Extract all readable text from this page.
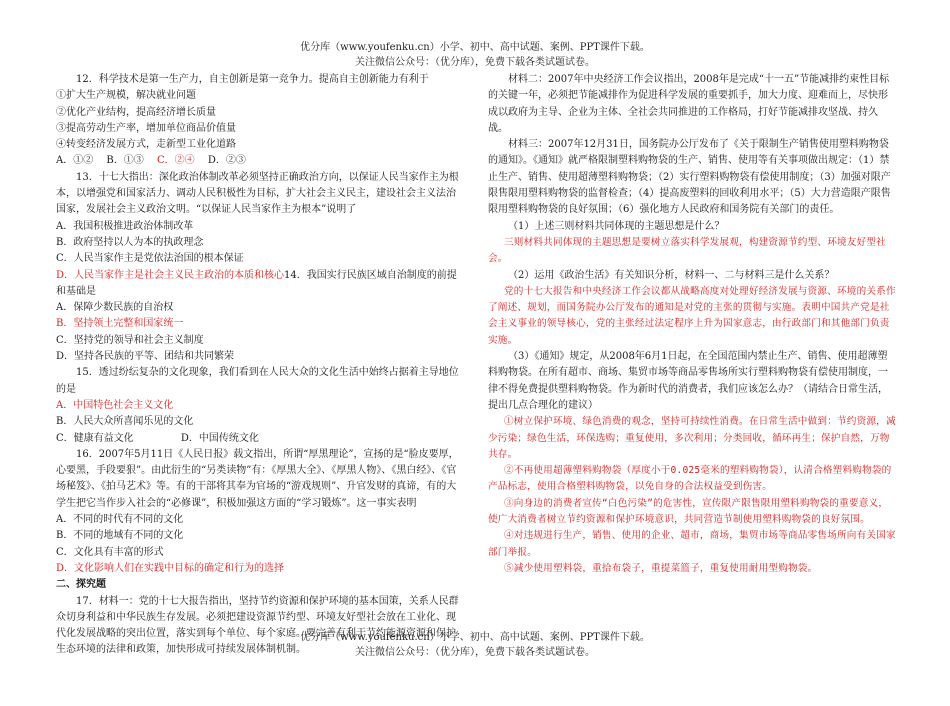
优分库（www.youfenku.cn）小学、初中、高中试题、案例、PPT课件下载。
关注微信公众号：（优分库），免费下载各类试题试卷。

12．科学技术是第一生产力，自主创新是第一竞争力。提高自主创新能力有利于

①扩大生产规模，解决就业问题

②优化产业结构，提高经济增长质量

③提高劳动生产率，增加单位商品价值量

④转变经济发展方式，走新型工业化道路

A．①② B．①③ C．②④ D．②③

13．十七大指出：深化政治体制改革必须坚持正确政治方向，以保证人民当家作主为根本，以增强党和国家活力、调动人民积极性为目标，扩大社会主义民主，建设社会主义法治国家，发展社会主义政治文明。“以保证人民当家作主为根本”说明了

A．我国积极推进政治体制改革

B．政府坚持以人为本的执政理念

C．人民当家作主是党依法治国的根本保证

D．人民当家作主是社会主义民主政治的本质和核心14．我国实行民族区域自治制度的前提和基础是

A．保障少数民族的自治权

B．坚持领土完整和国家统一

C．坚持党的领导和社会主义制度

D．坚持各民族的平等、团结和共同繁荣

15．透过纷纭复杂的文化现象，我们看到在人民大众的文化生活中始终占据着主导地位的是

A．中国特色社会主义文化

B．人民大众所喜闻乐见的文化

C．健康有益文化	D．中国传统文化

16．2007年5月11日《人民日报》载文指出，所谓“厚黑理论”，宣扬的是“脸皮要厚，心要黑，手段要狠”。由此衍生的“另类读物”有：《厚黑大全》、《厚黑人物》、《黑白经》、《官场秘笈》、《拍马艺术》等。有的干部将其奉为官场的“游戏规则”、升官发财的真谛，有的大学生把它当作步入社会的“必修课”，积极加强这方面的“学习锻炼”。这一事实表明

A．不同的时代有不同的文化

B．不同的地域有不同的文化

C．文化具有丰富的形式

D．文化影响人们在实践中目标的确定和行为的选择

二、探究题

17．材料一：党的十七大报告指出，坚持节约资源和保护环境的基本国策，关系人民群众切身利益和中华民族生存发展。必须把建设资源节约型、环境友好型社会放在工业化、现代化发展战略的突出位置，落实到每个单位、每个家庭。要完善有利于节约能源资源和保护生态环境的法律和政策，加快形成可持续发展体制机制。

材料二：2007年中央经济工作会议指出，2008年是完成“十一五”节能减排约束性目标的关键一年，必须把节能减排作为促进科学发展的重要抓手，加大力度、迎难而上，尽快形成以政府为主导、企业为主体、全社会共同推进的工作格局，打好节能减排攻坚战、持久战。

材料三：2007年12月31日，国务院办公厅发布了《关于限制生产销售使用塑料购物袋的通知》。《通知》就严格限制塑料购物袋的生产、销售、使用等有关事项做出规定：（1）禁止生产、销售、使用超薄塑料购物袋；（2）实行塑料购物袋有偿使用制度；（3）加强对限产限售限用塑料购物袋的监督检查；（4）提高废塑料的回收利用水平；（5）大力营造限产限售限用塑料购物袋的良好氛围；（6）强化地方人民政府和国务院有关部门的责任。

（1）上述三则材料共同体现的主题思想是什么？

三则材料共同体现的主题思想是要树立落实科学发展观，构建资源节约型、环境友好型社会。

（2）运用《政治生活》有关知识分析，材料一、二与材料三是什么关系？

党的十七大报告和中央经济工作会议都从战略高度对处理好经济发展与资源、环境的关系作了阐述、规划，而国务院办公厅发布的通知是对党的主张的贯彻与实施。表明中国共产党是社会主义事业的领导核心，党的主张经过法定程序上升为国家意志，由行政部门和其他部门负责实施。

（3）《通知》规定，从2008年6月1日起，在全国范围内禁止生产、销售、使用超薄塑料购物袋。在所有超市、商场、集贸市场等商品零售场所实行塑料购物袋有偿使用制度，一律不得免费提供塑料购物袋。作为新时代的消费者，我们应该怎么办？（请结合日常生活，提出几点合理化的建议）

①树立保护环境、绿色消费的观念，坚持可持续性消费。在日常生活中做到：节约资源，减少污染；绿色生活，环保选购；重复使用，多次利用；分类回收，循环再生；保护自然，万物共存。

②不再使用超薄塑料购物袋（厚度小于0.025毫米的塑料购物袋），认清合格塑料购物袋的产品标志，使用合格塑料购物袋，以免自身的合法权益受到伤害。

③向身边的消费者宣传“白色污染”的危害性，宣传限产限售限用塑料购物袋的重要意义，使广大消费者树立节约资源和保护环境意识，共同营造节制使用塑料购物袋的良好氛围。

④对违规进行生产，销售、使用的企业、超市，商场，集贸市场等商品零售场所向有关国家部门举报。

⑤减少使用塑料袋，重拾布袋子，重提菜篮子，重复使用耐用型购物袋。

优分库（www.youfenku.cn）小学、初中、高中试题、案例、PPT课件下载。
关注微信公众号：（优分库），免费下载各类试题试卷。
